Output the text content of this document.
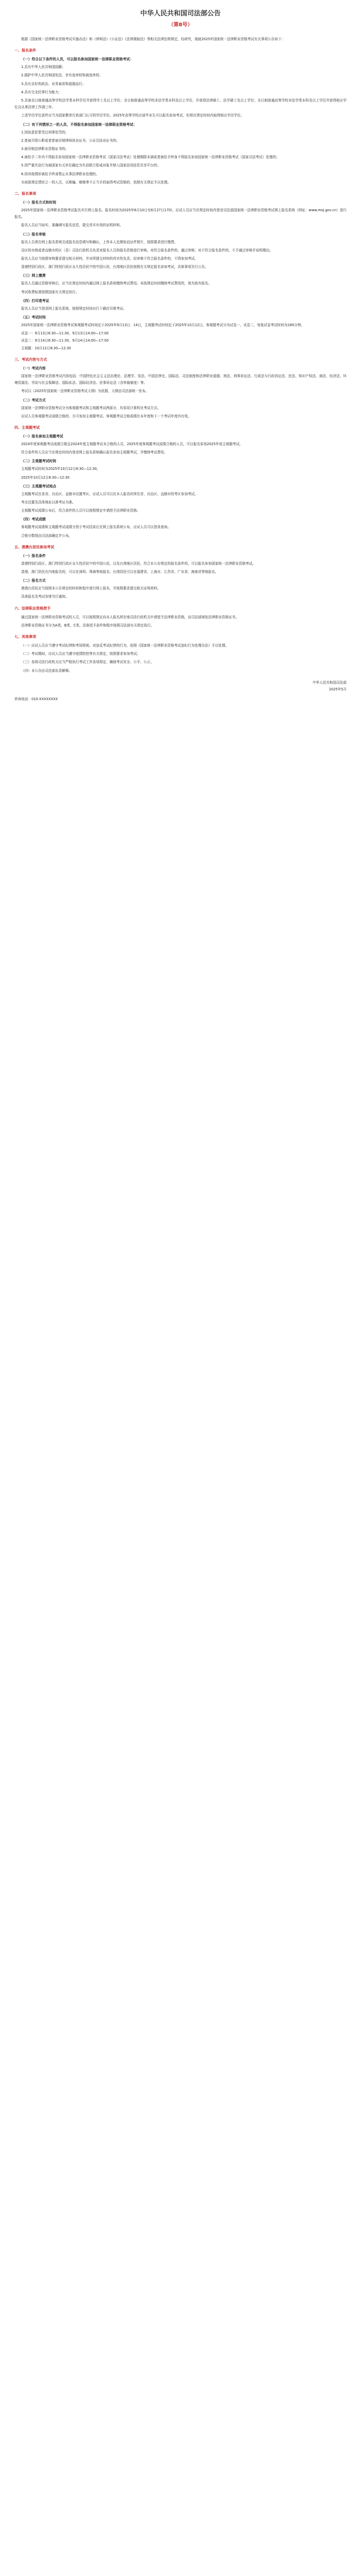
中华人民共和国司法部公告
（第8号）

根据《国家统一法律职业资格考试实施办法》和《律师法》《公证法》《法律援助法》等相关法律法规规定，经研究，现就2025年国家统一法律职业资格考试有关事项公告如下：

一、报名条件
（一）符合以下条件的人员，可以报名参加国家统一法律职业资格考试：

1.具有中华人民共和国国籍；

2.拥护中华人民共和国宪法，享有选举权和被选举权；

3.具有良好的政治、业务素质和道德品行；

4.具有完全民事行为能力；

5.具备全日制普通高等学校法学类本科学历并获得学士及以上学位；全日制普通高等学校非法学类本科及以上学历，并获得法律硕士、法学硕士及以上学位；全日制普通高等学校非法学类本科及以上学历并获得相应学位且从事法律工作满三年。

上述学历学位条件应当为国家教育行政部门认可的学历学位。2025年高等学校应届毕业生可以报名参加考试，但须在规定时间内取得相应学历学位。

（二）有下列情形之一的人员，不得报名参加国家统一法律职业资格考试：

1.因故意犯罪受过刑事处罚的；

2.曾被开除公职或者曾被吊销律师执业证书、公证员执业证书的；

3.被吊销法律职业资格证书的；

4.被给予二年内不得报名参加国家统一法律职业资格考试（国家司法考试）处理期限未满或者被给予终身不得报名参加国家统一法律职业资格考试（国家司法考试）处理的；

5.因严重失信行为被国家有关单位确定为失信联合惩戒对象并纳入国家信用信息共享平台的；

6.因其他情形被给予终身禁止从事法律职业处理的。

有前款规定情形之一的人员，以欺骗、贿赂等不正当手段取得考试资格的，依照有关规定予以处理。

二、报名事项
（一）报名方式和时间

2025年国家统一法律职业资格考试报名实行网上报名。报名时间为2025年6月10日至6月27日17时。应试人员应当在规定时间内登录司法部国家统一法律职业资格考试网上报名系统（网址：www.moj.gov.cn）进行报名。

报名人员应当如实、准确填写报名信息，提交真实有效的证明材料。

（二）报名审核

报名人员须在网上报名系统完成报名信息填写和确认，上传本人近期免冠证件照片，按照要求进行缴费。

设区的市级或者直辖市的区（县）司法行政机关负责对报名人员的报名资格进行审核。对符合报名条件的，通过审核；对不符合报名条件的，不予通过审核并说明理由。

报名人员应当按照审核要求提交相关材料，并对所提交材料的真实性负责。经审核不符合报名条件的，不得参加考试。

香港特别行政区、澳门特别行政区永久性居民中的中国公民，台湾地区居民按照有关规定报名参加考试，具体事项另行公告。

（三）网上缴费

报名人员通过资格审核后，应当在规定时间内通过网上报名系统缴纳考试费用。未按规定时间缴纳考试费用的，视为放弃报名。

考试收费标准按照国家有关规定执行。

（四）打印准考证

报名人员应当登录网上报名系统，按照规定时间自行下载打印准考证。

（五）考试时间

2025年国家统一法律职业资格考试客观题考试时间定于2025年9月13日、14日，主观题考试时间定于2025年10月12日。客观题考试分为试卷一、试卷二，每张试卷考试时间为180分钟。

试卷一：9月13日8:30—11:30，9月13日14:00—17:00
试卷二：9月14日8:30—11:30，9月14日14:00—17:00
主观题：10月12日8:30—12:30
三、考试内容与方式
（一）考试内容

国家统一法律职业资格考试内容包括：中国特色社会主义法治理论、法理学、宪法、中国法律史、国际法、司法制度和法律职业道德、刑法、刑事诉讼法、行政法与行政诉讼法、民法、知识产权法、商法、经济法、环境资源法、劳动与社会保障法、国际私法、国际经济法、民事诉讼法（含仲裁制度）等。

考试以《2025年国家统一法律职业资格考试大纲》为依据，大纲由司法部统一发布。

（二）考试方式

国家统一法律职业资格考试分为客观题考试和主观题考试两部分，均采用计算机化考试方式。

应试人员客观题考试成绩合格的，方可参加主观题考试。客观题考试合格成绩在本年度和下一个考试年度内有效。

四、主观题考试
（一）报名参加主观题考试

2024年度客观题考试成绩合格且2024年度主观题考试未合格的人员、2025年度客观题考试成绩合格的人员，可以报名参加2025年度主观题考试。

符合条件的人员应当在规定时间内登录网上报名系统确认报名参加主观题考试，并缴纳考试费用。

（二）主观题考试时间

主观题考试时间为2025年10月12日8:30—12:30。

2025年10月12日8:30—12:30

（三）主观题考试地点

主观题考试在各省、自治区、直辖市设置考区，应试人员可以在本人报名时所在省、自治区、直辖市的考区参加考试。

考点设置及具体地址以准考证为准。

主观题考试成绩公布后，符合条件的人员可以按照规定申请授予法律职业资格。

（四）考试成绩

客观题考试成绩和主观题考试成绩分别于考试结束后在网上报名系统公布，应试人员可以登录查询。

合格分数线由司法部确定并公布。

五、港澳台居民参加考试
（一）报名条件

香港特别行政区、澳门特别行政区永久性居民中的中国公民，以及台湾地区居民，符合本公告规定的报名条件的，可以报名参加国家统一法律职业资格考试。

香港、澳门居民在内地报名的，可以在深圳、珠海等地报名；台湾居民可以在福建省、上海市、江苏省、广东省、海南省等地报名。

（二）报名方式

港澳台居民应当按照本公告规定的时间和程序进行网上报名，并按照要求提交相关证明材料。

具体报名及考试安排另行通知。

六、法律职业资格授予

通过国家统一法律职业资格考试的人员，可以按照规定向本人报名所在地司法行政机关申请授予法律职业资格，由司法部颁发法律职业资格证书。

法律职业资格证书分为A类、B类、C类。具体授予条件和程序按照司法部有关规定执行。

七、其他事项

（一）应试人员应当遵守考试纪律和考场规则。对违反考试纪律的行为，依照《国家统一法律职业资格考试违纪行为处理办法》予以处理。

（二）考试期间，应试人员应当遵守疫情防控等有关规定，按照要求参加考试。

（三）各级司法行政机关应当严格执行考试工作各项规定，确保考试安全、公平、公正。

（四）本公告由司法部负责解释。

中华人民共和国司法部
2025年5月
咨询电话：010-XXXXXXXX
